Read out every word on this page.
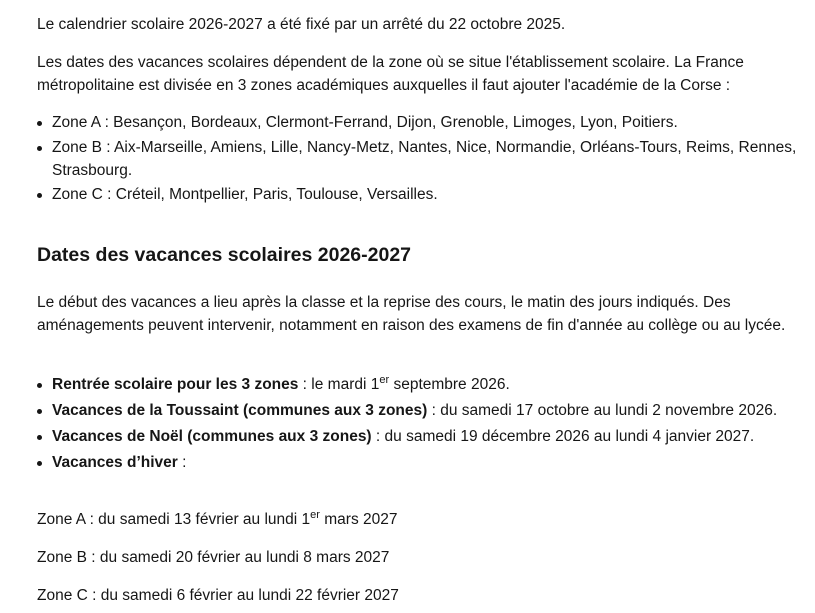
Le calendrier scolaire 2026-2027 a été fixé par un arrêté du 22 octobre 2025.

Les dates des vacances scolaires dépendent de la zone où se situe l'établissement scolaire. La France métropolitaine est divisée en 3 zones académiques auxquelles il faut ajouter l'académie de la Corse :

Zone A : Besançon, Bordeaux, Clermont-Ferrand, Dijon, Grenoble, Limoges, Lyon, Poitiers.
Zone B : Aix-Marseille, Amiens, Lille, Nancy-Metz, Nantes, Nice, Normandie, Orléans-Tours, Reims, Rennes, Strasbourg.
Zone C : Créteil, Montpellier, Paris, Toulouse, Versailles.
Dates des vacances scolaires 2026-2027

Le début des vacances a lieu après la classe et la reprise des cours, le matin des jours indiqués. Des aménagements peuvent intervenir, notamment en raison des examens de fin d'année au collège ou au lycée.

Rentrée scolaire pour les 3 zones : le mardi 1er septembre 2026.
Vacances de la Toussaint (communes aux 3 zones) : du samedi 17 octobre au lundi 2 novembre 2026.
Vacances de Noël (communes aux 3 zones) : du samedi 19 décembre 2026 au lundi 4 janvier 2027.
Vacances d’hiver :

Zone A : du samedi 13 février au lundi 1er mars 2027

Zone B : du samedi 20 février au lundi 8 mars 2027

Zone C : du samedi 6 février au lundi 22 février 2027
